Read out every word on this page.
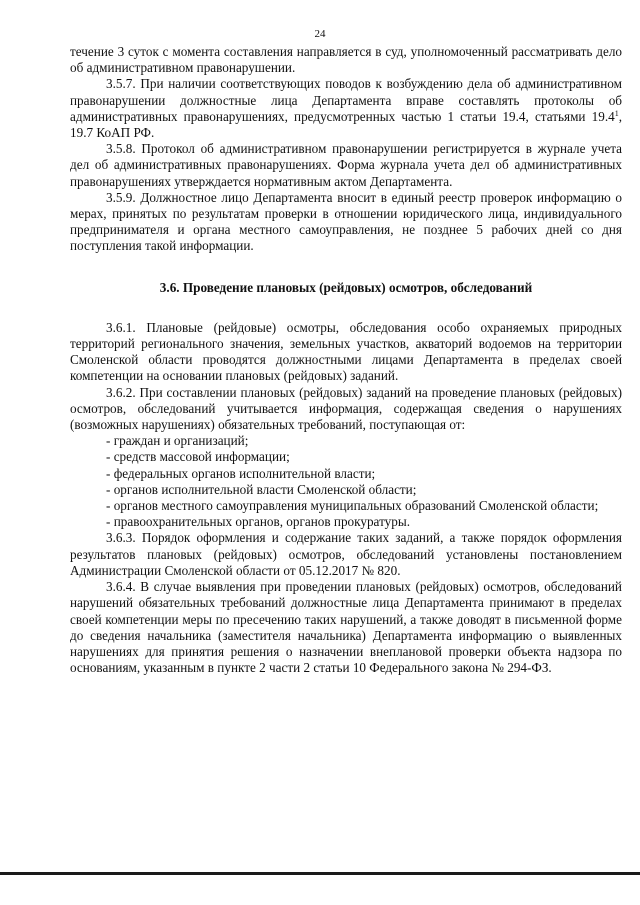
24

течение 3 суток с момента составления направляется в суд, уполномоченный рассматривать дело об административном правонарушении.

3.5.7. При наличии соответствующих поводов к возбуждению дела об административном правонарушении должностные лица Департамента вправе составлять протоколы об административных правонарушениях, предусмотренных частью 1 статьи 19.4, статьями 19.4$^1$, 19.7 КоАП РФ.

3.5.8. Протокол об административном правонарушении регистрируется в журнале учета дел об административных правонарушениях. Форма журнала учета дел об административных правонарушениях утверждается нормативным актом Департамента.

3.5.9. Должностное лицо Департамента вносит в единый реестр проверок информацию о мерах, принятых по результатам проверки в отношении юридического лица, индивидуального предпринимателя и органа местного самоуправления, не позднее 5 рабочих дней со дня поступления такой информации.

3.6. Проведение плановых (рейдовых) осмотров, обследований

3.6.1. Плановые (рейдовые) осмотры, обследования особо охраняемых природных территорий регионального значения, земельных участков, акваторий водоемов на территории Смоленской области проводятся должностными лицами Департамента в пределах своей компетенции на основании плановых (рейдовых) заданий.

3.6.2. При составлении плановых (рейдовых) заданий на проведение плановых (рейдовых) осмотров, обследований учитывается информация, содержащая сведения о нарушениях (возможных нарушениях) обязательных требований, поступающая от:

- граждан и организаций;

- средств массовой информации;

- федеральных органов исполнительной власти;

- органов исполнительной власти Смоленской области;

- органов местного самоуправления муниципальных образований Смоленской области;

- правоохранительных органов, органов прокуратуры.

3.6.3. Порядок оформления и содержание таких заданий, а также порядок оформления результатов плановых (рейдовых) осмотров, обследований установлены постановлением Администрации Смоленской области от 05.12.2017 № 820.

3.6.4. В случае выявления при проведении плановых (рейдовых) осмотров, обследований нарушений обязательных требований должностные лица Департамента принимают в пределах своей компетенции меры по пресечению таких нарушений, а также доводят в письменной форме до сведения начальника (заместителя начальника) Департамента информацию о выявленных нарушениях для принятия решения о назначении внеплановой проверки объекта надзора по основаниям, указанным в пункте 2 части 2 статьи 10 Федерального закона № 294-ФЗ.
